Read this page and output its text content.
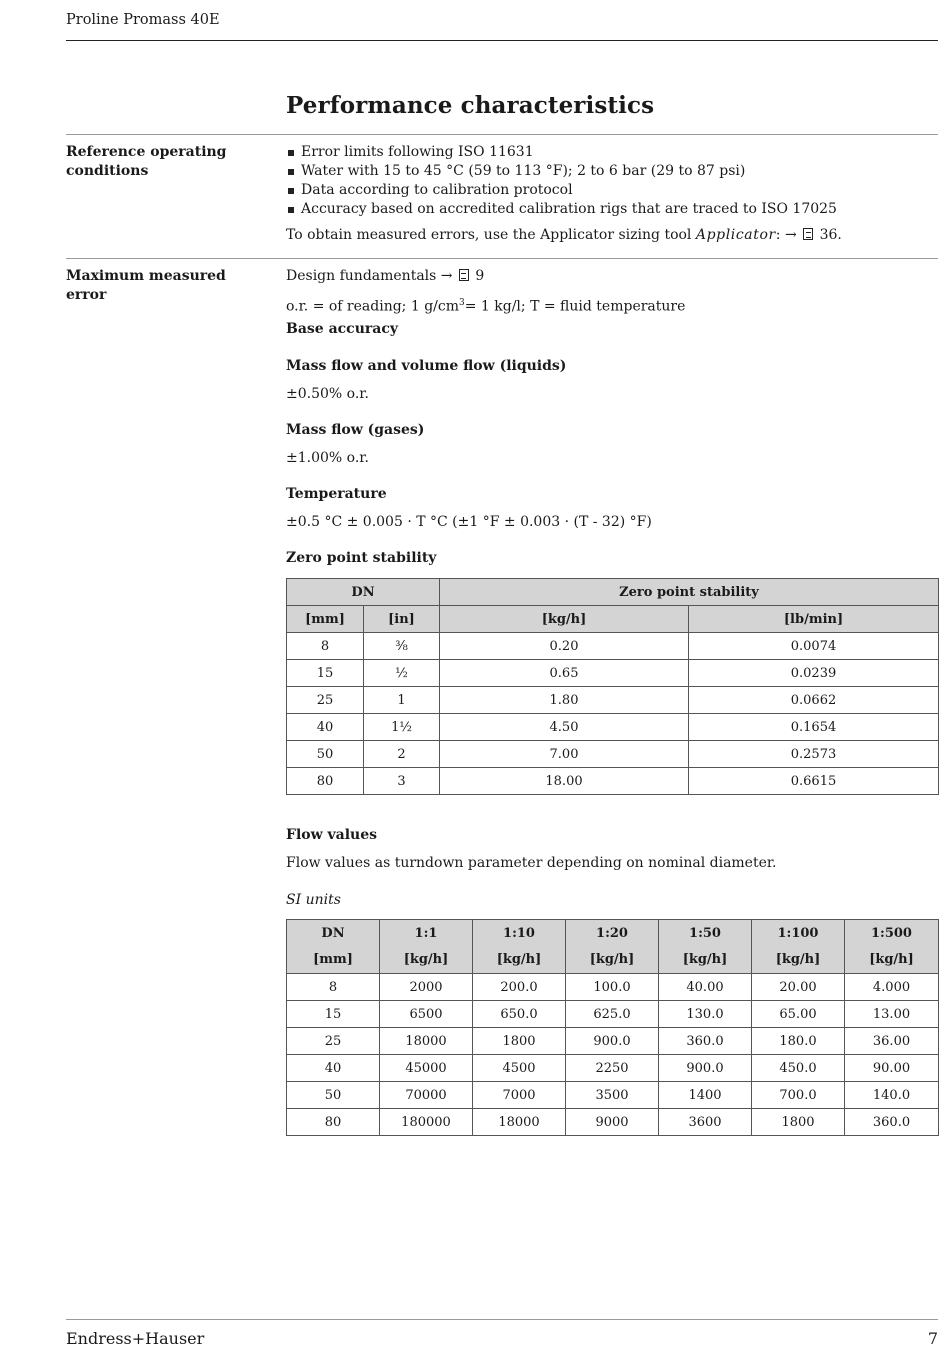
Proline Promass 40E
Performance characteristics
Reference operating conditions
Error limits following ISO 11631
Water with 15 to 45 °C (59 to 113 °F); 2 to 6 bar (29 to 87 psi)
Data according to calibration protocol
Accuracy based on accredited calibration rigs that are traced to ISO 17025
To obtain measured errors, use the Applicator sizing tool Applicator: →  36.
Maximum measured error
Design fundamentals →  9
o.r. = of reading; 1 $g/cm^3= 1$ kg/l; T = fluid temperature
Base accuracy
Mass flow and volume flow (liquids)
±0.50% o.r.
Mass flow (gases)
±1.00% o.r.
Temperature
±0.5 °C ± 0.005 · T °C (±1 °F ± 0.003 · (T - 32) °F)
Zero point stability
DN		Zero point stability	
[mm]	[in]	[kg/h]	[lb/min]
8	³⁄₈	0.20	0.0074
15	½	0.65	0.0239
25	1	1.80	0.0662
40	1½	4.50	0.1654
50	2	7.00	0.2573
80	3	18.00	0.6615
Flow values
Flow values as turndown parameter depending on nominal diameter.
SI units
DN	1:1	1:10	1:20	1:50	1:100	1:500
[mm]	[kg/h]	[kg/h]	[kg/h]	[kg/h]	[kg/h]	[kg/h]
8	2000	200.0	100.0	40.00	20.00	4.000
15	6500	650.0	625.0	130.0	65.00	13.00
25	18000	1800	900.0	360.0	180.0	36.00
40	45000	4500	2250	900.0	450.0	90.00
50	70000	7000	3500	1400	700.0	140.0
80	180000	18000	9000	3600	1800	360.0
Endress+Hauser	7
